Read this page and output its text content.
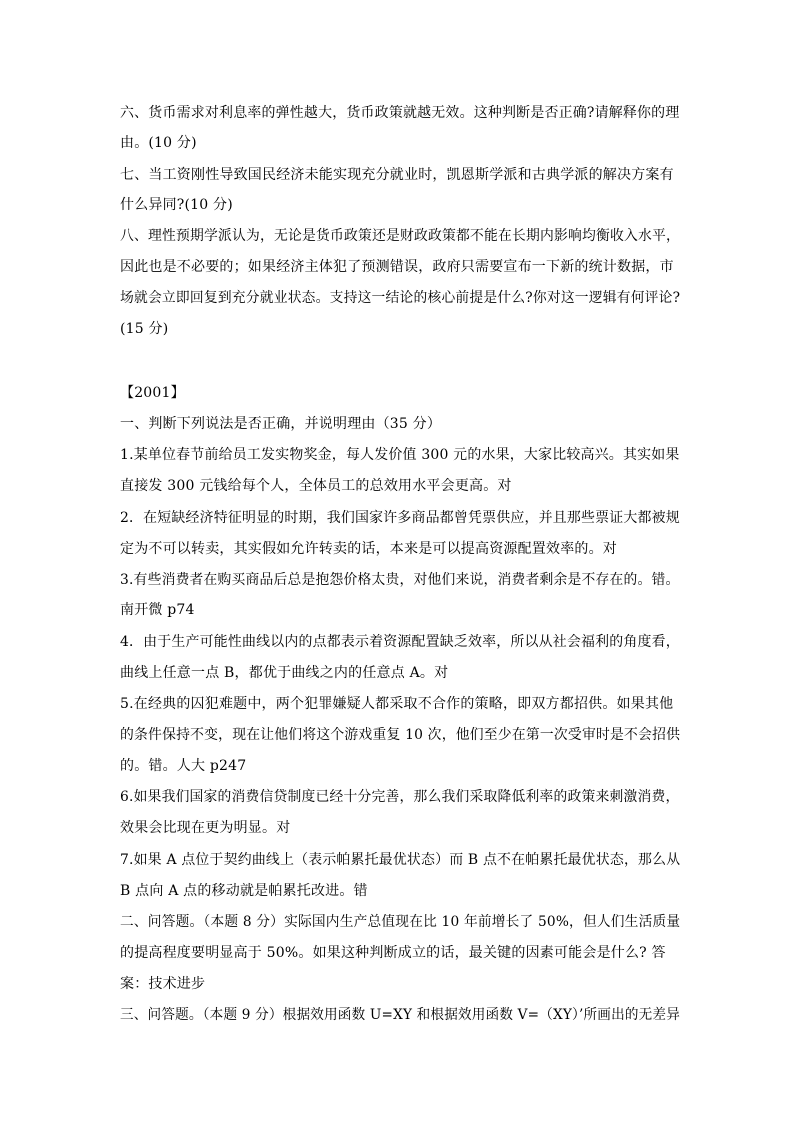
六、货币需求对利息率的弹性越大，货币政策就越无效。这种判断是否正确?请解释你的理
由。(10 分)
七、当工资刚性导致国民经济未能实现充分就业时，凯恩斯学派和古典学派的解决方案有
什么异同?(10 分)
八、理性预期学派认为，无论是货币政策还是财政政策都不能在长期内影响均衡收入水平，
因此也是不必要的；如果经济主体犯了预测错误，政府只需要宣布一下新的统计数据，市
场就会立即回复到充分就业状态。支持这一结论的核心前提是什么?你对这一逻辑有何评论?
(15 分)
【2001】
一、判断下列说法是否正确，并说明理由（35 分）
1.某单位春节前给员工发实物奖金，每人发价值 300 元的水果，大家比较高兴。其实如果
直接发 300 元钱给每个人，全体员工的总效用水平会更高。对
2．在短缺经济特征明显的时期，我们国家许多商品都曾凭票供应，并且那些票证大都被规
定为不可以转卖，其实假如允许转卖的话，本来是可以提高资源配置效率的。对
3.有些消费者在购买商品后总是抱怨价格太贵，对他们来说，消费者剩余是不存在的。错。
南开微 p74
4．由于生产可能性曲线以内的点都表示着资源配置缺乏效率，所以从社会福利的角度看，
曲线上任意一点 B，都优于曲线之内的任意点 A。对
5.在经典的囚犯难题中，两个犯罪嫌疑人都采取不合作的策略，即双方都招供。如果其他
的条件保持不变，现在让他们将这个游戏重复 10 次，他们至少在第一次受审时是不会招供
的。错。人大 p247
6.如果我们国家的消费信贷制度已经十分完善，那么我们采取降低利率的政策来刺激消费，
效果会比现在更为明显。对
7.如果 A 点位于契约曲线上（表示帕累托最优状态）而 B 点不在帕累托最优状态，那么从
B 点向 A 点的移动就是帕累托改进。错
二、问答题。（本题 8 分）实际国内生产总值现在比 10 年前增长了 50%，但人们生活质量
的提高程度要明显高于 50%。如果这种判断成立的话，最关键的因素可能会是什么? 答
案：技术进步
三、问答题。（本题 9 分）根据效用函数 U=XY 和根据效用函数 V=（XY）’所画出的无差异
